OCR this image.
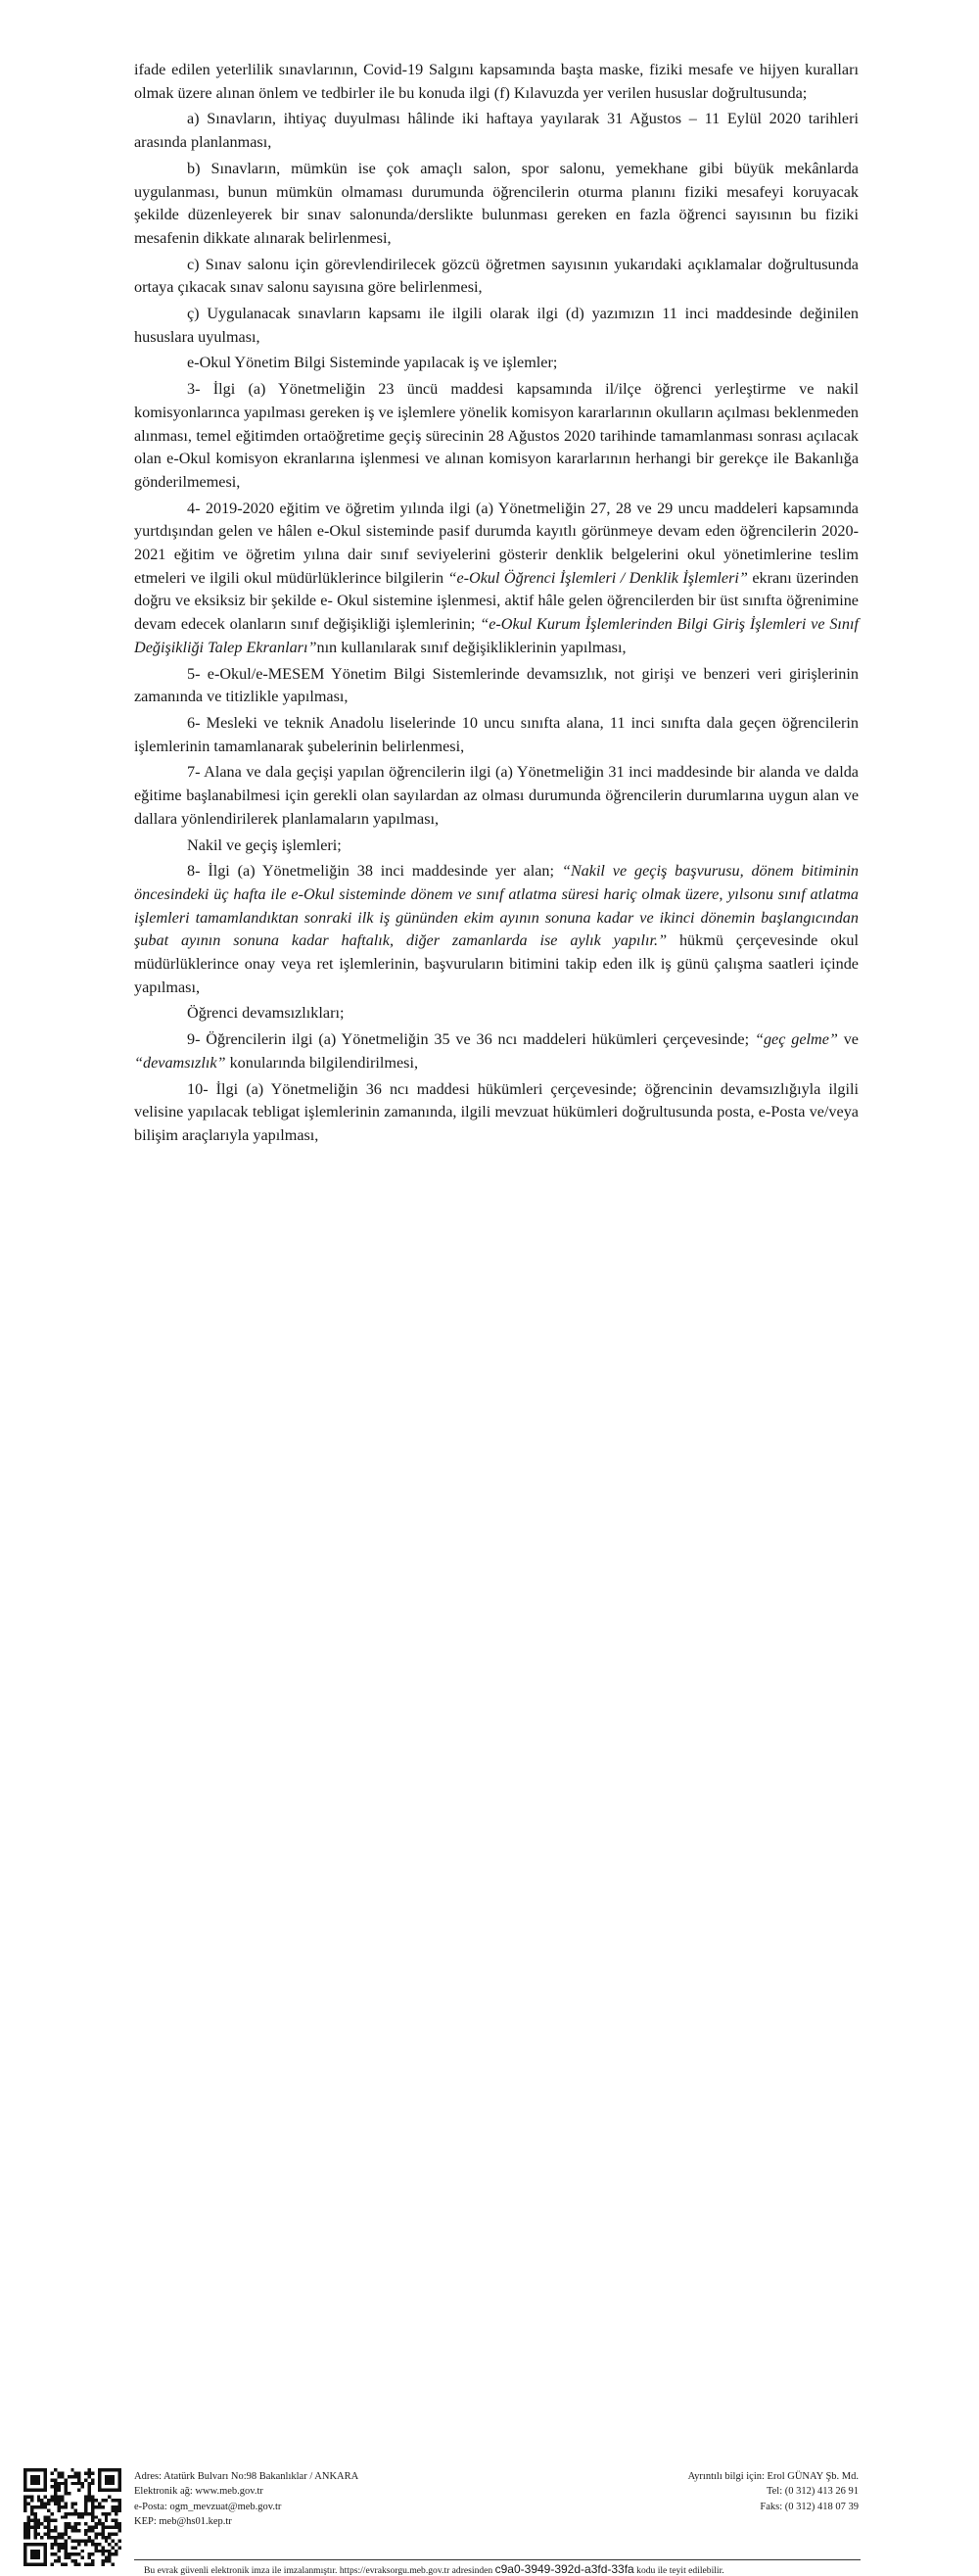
ifade edilen yeterlilik sınavlarının, Covid-19 Salgını kapsamında başta maske, fiziki mesafe ve hijyen kuralları olmak üzere alınan önlem ve tedbirler ile bu konuda ilgi (f) Kılavuzda yer verilen hususlar doğrultusunda;

a) Sınavların, ihtiyaç duyulması hâlinde iki haftaya yayılarak 31 Ağustos – 11 Eylül 2020 tarihleri arasında planlanması,

b) Sınavların, mümkün ise çok amaçlı salon, spor salonu, yemekhane gibi büyük mekânlarda uygulanması, bunun mümkün olmaması durumunda öğrencilerin oturma planını fiziki mesafeyi koruyacak şekilde düzenleyerek bir sınav salonunda/derslikte bulunması gereken en fazla öğrenci sayısının bu fiziki mesafenin dikkate alınarak belirlenmesi,

c) Sınav salonu için görevlendirilecek gözcü öğretmen sayısının yukarıdaki açıklamalar doğrultusunda ortaya çıkacak sınav salonu sayısına göre belirlenmesi,

ç) Uygulanacak sınavların kapsamı ile ilgili olarak ilgi (d) yazımızın 11 inci maddesinde değinilen hususlara uyulması,

e-Okul Yönetim Bilgi Sisteminde yapılacak iş ve işlemler;

3- İlgi (a) Yönetmeliğin 23 üncü maddesi kapsamında il/ilçe öğrenci yerleştirme ve nakil komisyonlarınca yapılması gereken iş ve işlemlere yönelik komisyon kararlarının okulların açılması beklenmeden alınması, temel eğitimden ortaöğretime geçiş sürecinin 28 Ağustos 2020 tarihinde tamamlanması sonrası açılacak olan e-Okul komisyon ekranlarına işlenmesi ve alınan komisyon kararlarının herhangi bir gerekçe ile Bakanlığa gönderilmemesi,

4- 2019-2020 eğitim ve öğretim yılında ilgi (a) Yönetmeliğin 27, 28 ve 29 uncu maddeleri kapsamında yurtdışından gelen ve hâlen e-Okul sisteminde pasif durumda kayıtlı görünmeye devam eden öğrencilerin 2020-2021 eğitim ve öğretim yılına dair sınıf seviyelerini gösterir denklik belgelerini okul yönetimlerine teslim etmeleri ve ilgili okul müdürlüklerince bilgilerin “e-Okul Öğrenci İşlemleri / Denklik İşlemleri” ekranı üzerinden doğru ve eksiksiz bir şekilde e- Okul sistemine işlenmesi, aktif hâle gelen öğrencilerden bir üst sınıfta öğrenimine devam edecek olanların sınıf değişikliği işlemlerinin; “e-Okul Kurum İşlemlerinden Bilgi Giriş İşlemleri ve Sınıf Değişikliği Talep Ekranları”nın kullanılarak sınıf değişikliklerinin yapılması,

5- e-Okul/e-MESEM Yönetim Bilgi Sistemlerinde devamsızlık, not girişi ve benzeri veri girişlerinin zamanında ve titizlikle yapılması,

6- Mesleki ve teknik Anadolu liselerinde 10 uncu sınıfta alana, 11 inci sınıfta dala geçen öğrencilerin işlemlerinin tamamlanarak şubelerinin belirlenmesi,

7- Alana ve dala geçişi yapılan öğrencilerin ilgi (a) Yönetmeliğin 31 inci maddesinde bir alanda ve dalda eğitime başlanabilmesi için gerekli olan sayılardan az olması durumunda öğrencilerin durumlarına uygun alan ve dallara yönlendirilerek planlamaların yapılması,

Nakil ve geçiş işlemleri;

8- İlgi (a) Yönetmeliğin 38 inci maddesinde yer alan; “Nakil ve geçiş başvurusu, dönem bitiminin öncesindeki üç hafta ile e-Okul sisteminde dönem ve sınıf atlatma süresi hariç olmak üzere, yılsonu sınıf atlatma işlemleri tamamlandıktan sonraki ilk iş gününden ekim ayının sonuna kadar ve ikinci dönemin başlangıcından şubat ayının sonuna kadar haftalık, diğer zamanlarda ise aylık yapılır.” hükmü çerçevesinde okul müdürlüklerince onay veya ret işlemlerinin, başvuruların bitimini takip eden ilk iş günü çalışma saatleri içinde yapılması,

Öğrenci devamsızlıkları;

9- Öğrencilerin ilgi (a) Yönetmeliğin 35 ve 36 ncı maddeleri hükümleri çerçevesinde; “geç gelme” ve “devamsızlık” konularında bilgilendirilmesi,

10- İlgi (a) Yönetmeliğin 36 ncı maddesi hükümleri çerçevesinde; öğrencinin devamsızlığıyla ilgili velisine yapılacak tebligat işlemlerinin zamanında, ilgili mevzuat hükümleri doğrultusunda posta, e-Posta ve/veya bilişim araçlarıyla yapılması,

Adres: Atatürk Bulvarı No:98 Bakanlıklar / ANKARA
Elektronik ağ: www.meb.gov.tr
e-Posta: ogm_mevzuat@meb.gov.tr
KEP: meb@hs01.kep.tr
Ayrıntılı bilgi için: Erol GÜNAY Şb. Md.
Tel: (0 312) 413 26 91
Faks: (0 312) 418 07 39
Bu evrak güvenli elektronik imza ile imzalanmıştır. https://evraksorgu.meb.gov.tr adresinden c9a0-3949-392d-a3fd-33fa kodu ile teyit edilebilir.
